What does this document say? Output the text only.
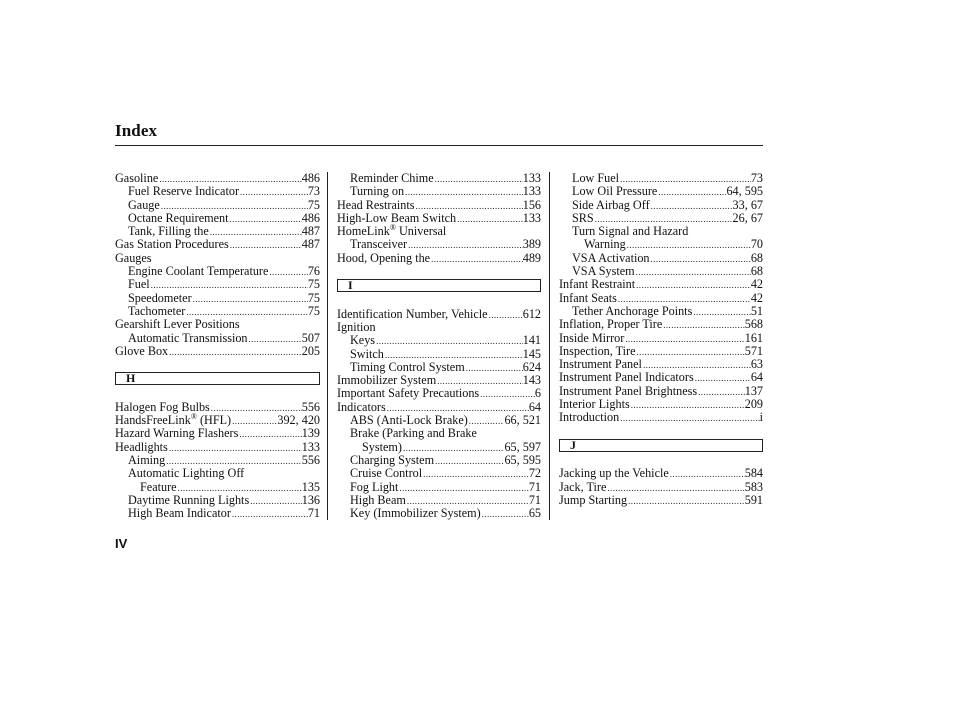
Index
Gasoline .....	486
Fuel Reserve Indicator .....	73
Gauge .....	75
Octane Requirement .....	486
Tank, Filling the .....	487
Gas Station Procedures .....	487
Gauges
Engine Coolant Temperature .....	76
Fuel .....	75
Speedometer .....	75
Tachometer .....	75
Gearshift Lever Positions
Automatic Transmission .....	507
Glove Box .....	205
H
Halogen Fog Bulbs .....	556
HandsFreeLink® (HFL) .....	392, 420
Hazard Warning Flashers .....	139
Headlights .....	133
Aiming .....	556
Automatic Lighting Off
Feature .....	135
Daytime Running Lights .....	136
High Beam Indicator .....	71
Reminder Chime .....	133
Turning on .....	133
Head Restraints .....	156
High-Low Beam Switch .....	133
HomeLink® Universal
Transceiver .....	389
Hood, Opening the .....	489
I
Identification Number, Vehicle .....	612
Ignition
Keys .....	141
Switch .....	145
Timing Control System .....	624
Immobilizer System .....	143
Important Safety Precautions .....	6
Indicators .....	64
ABS (Anti-Lock Brake) .....	66, 521
Brake (Parking and Brake
System) .....	65, 597
Charging System .....	65, 595
Cruise Control .....	72
Fog Light .....	71
High Beam .....	71
Key (Immobilizer System) .....	65
Low Fuel .....	73
Low Oil Pressure .....	64, 595
Side Airbag Off .....	33, 67
SRS .....	26, 67
Turn Signal and Hazard
Warning .....	70
VSA Activation .....	68
VSA System .....	68
Infant Restraint .....	42
Infant Seats .....	42
Tether Anchorage Points .....	51
Inflation, Proper Tire .....	568
Inside Mirror .....	161
Inspection, Tire .....	571
Instrument Panel .....	63
Instrument Panel Indicators .....	64
Instrument Panel Brightness .....	137
Interior Lights .....	209
Introduction .....	i
J
Jacking up the Vehicle .....	584
Jack, Tire .....	583
Jump Starting .....	591
IV
